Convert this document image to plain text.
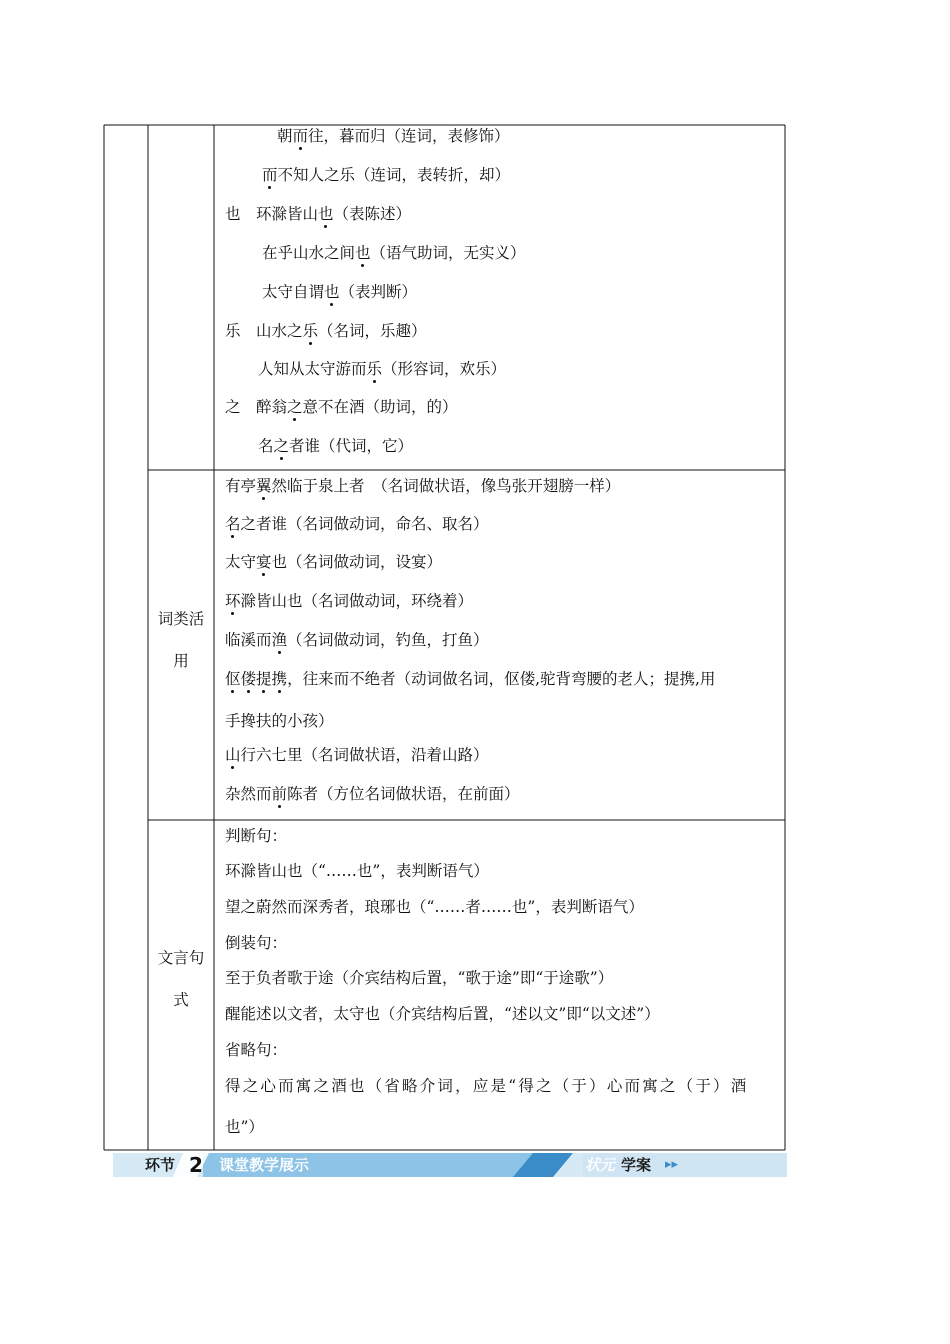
朝而往，暮而归（连词，表修饰）
而不知人之乐（连词，表转折，却）
也　环滁皆山也（表陈述）
在乎山水之间也（语气助词，无实义）
太守自谓也（表判断）
乐　山水之乐（名词，乐趣）
人知从太守游而乐（形容词，欢乐）
之　醉翁之意不在酒（助词，的）
名之者谁（代词，它）
词类活
用
有亭翼然临于泉上者　（名词做状语，像鸟张开翅膀一样）
名之者谁（名词做动词，命名、取名）
太守宴也（名词做动词，设宴）
环滁皆山也（名词做动词，环绕着）
临溪而渔（名词做动词，钓鱼，打鱼）
伛偻提携，往来而不绝者（动词做名词，伛偻,驼背弯腰的老人；提携,用
手搀扶的小孩）
山行六七里（名词做状语，沿着山路）
杂然而前陈者（方位名词做状语，在前面）
文言句
式
判断句：
环滁皆山也（“……也”，表判断语气）
望之蔚然而深秀者，琅琊也（“……者……也”，表判断语气）
倒装句：
至于负者歌于途（介宾结构后置，“歌于途”即“于途歌”）
醒能述以文者，太守也（介宾结构后置，“述以文”即“以文述”）
省略句：
得之心而寓之酒也（省略介词，应是“得之（于）心而寓之（于）酒
也”）
环节 2 课堂教学展示	状元 学案 ▸▸
